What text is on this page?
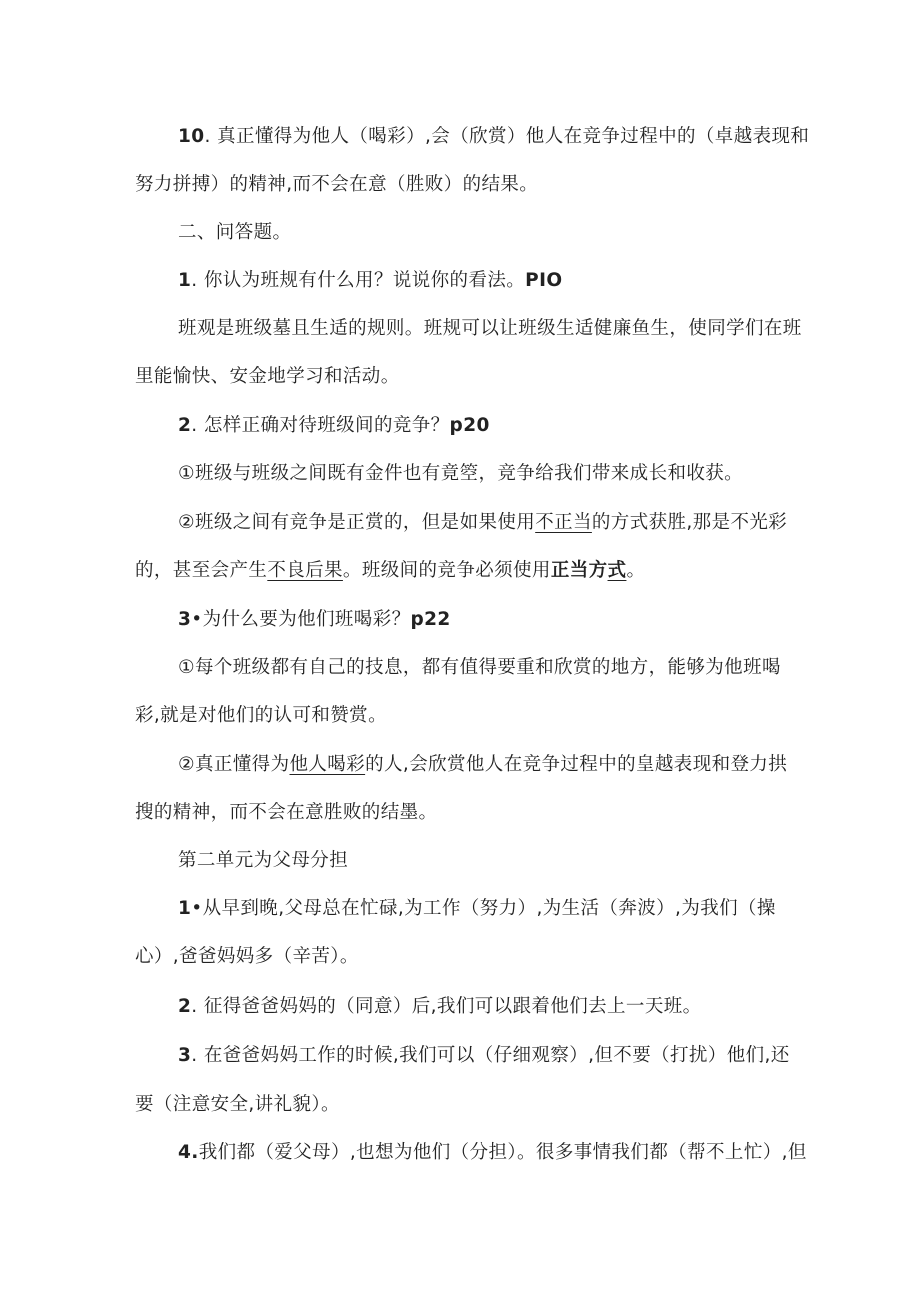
10. 真正懂得为他人（喝彩）,会（欣赏）他人在竞争过程中的（卓越表现和
努力拼搏）的精神,而不会在意（胜败）的结果。
二、问答题。
1. 你认为班规有什么用？说说你的看法。PIO
班观是班级墓且生适的规则。班规可以让班级生适健廉鱼生，使同学们在班
里能愉快、安金地学习和活动。
2. 怎样正确对待班级间的竞争？p20
①班级与班级之间既有金件也有竟箜，竞争给我们带来成长和收获。
②班级之间有竞争是正赏的，但是如果使用不正当的方式获胜,那是不光彩
的，甚至会产生不良后果。班级间的竞争必须使用正当方式。
3•为什么要为他们班喝彩？p22
①每个班级都有自己的技息，都有值得要重和欣赏的地方，能够为他班喝
彩,就是对他们的认可和赞赏。
②真正懂得为他人喝彩的人,会欣赏他人在竞争过程中的皇越表现和登力拱
搜的精神，而不会在意胜败的结墨。
第二单元为父母分担
1•从早到晚,父母总在忙碌,为工作（努力）,为生活（奔波）,为我们（操
心）,爸爸妈妈多（辛苦）。
2. 征得爸爸妈妈的（同意）后,我们可以跟着他们去上一天班。
3. 在爸爸妈妈工作的时候,我们可以（仔细观察）,但不要（打扰）他们,还
要（注意安全,讲礼貌）。
4.我们都（爱父母）,也想为他们（分担）。很多事情我们都（帮不上忙）,但
